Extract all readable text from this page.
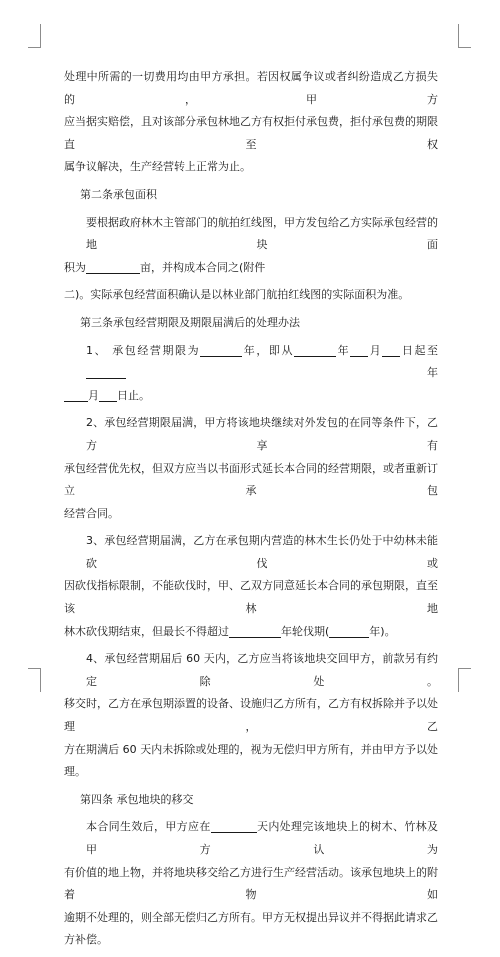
处理中所需的一切费用均由甲方承担。若因权属争议或者纠纷造成乙方损失的，甲方
应当据实赔偿，且对该部分承包林地乙方有权拒付承包费，拒付承包费的期限直至权
属争议解决，生产经营转上正常为止。

第二条承包面积

要根据政府林木主管部门的航拍红线图，甲方发包给乙方实际承包经营的地块面
积为	亩，并构成本合同之(附件

二)。实际承包经营面积确认是以林业部门航拍红线图的实际面积为准。

第三条承包经营期限及期限届满后的处理办法

1、 承包经营期限为	年，即从	年 月 日起至年
月 日止。

2、承包经营期限届满，甲方将该地块继续对外发包的在同等条件下，乙方享有
承包经营优先权，但双方应当以书面形式延长本合同的经营期限，或者重新订立承包
经营合同。

3、承包经营期届满，乙方在承包期内营造的林木生长仍处于中幼林未能砍伐或
因砍伐指标限制，不能砍伐时，甲、乙双方同意延长本合同的承包期限，直至该林地
林木砍伐期结束，但最长不得超过	年轮伐期(	年)。

4、承包经营期届后 60 天内，乙方应当将该地块交回甲方，前款另有约定除处。
移交时，乙方在承包期添置的设备、设施归乙方所有，乙方有权拆除并予以处理，乙
方在期满后 60 天内未拆除或处理的，视为无偿归甲方所有，并由甲方予以处理。

第四条 承包地块的移交

本合同生效后，甲方应在	天内处理完该地块上的树木、竹林及甲方认为
有价值的地上物，并将地块移交给乙方进行生产经营活动。该承包地块上的附着物如
逾期不处理的，则全部无偿归乙方所有。甲方无权提出异议并不得据此请求乙方补偿。
